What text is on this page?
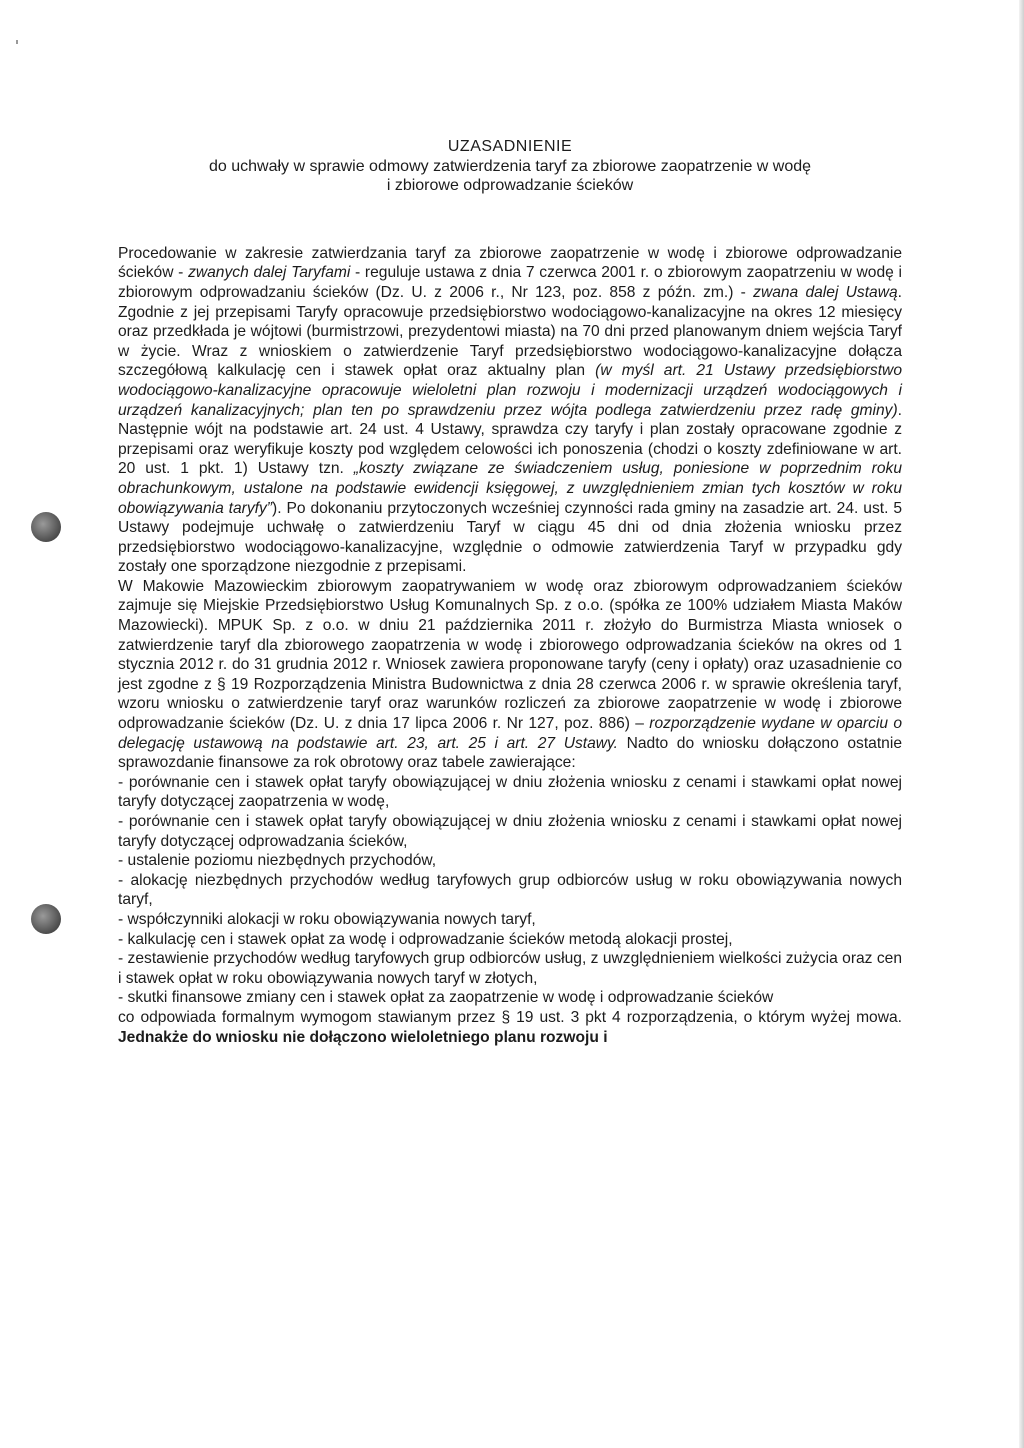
UZASADNIENIE
do uchwały w sprawie odmowy zatwierdzenia taryf za zbiorowe zaopatrzenie w wodę
i zbiorowe odprowadzanie ścieków

Procedowanie w zakresie zatwierdzania taryf za zbiorowe zaopatrzenie w wodę i zbiorowe odprowadzanie ścieków - zwanych dalej Taryfami - reguluje ustawa z dnia 7 czerwca 2001 r. o zbiorowym zaopatrzeniu w wodę i zbiorowym odprowadzaniu ścieków (Dz. U. z 2006 r., Nr 123, poz. 858 z późn. zm.) - zwana dalej Ustawą. Zgodnie z jej przepisami Taryfy opracowuje przedsiębiorstwo wodociągowo-kanalizacyjne na okres 12 miesięcy oraz przedkłada je wójtowi (burmistrzowi, prezydentowi miasta) na 70 dni przed planowanym dniem wejścia Taryf w życie. Wraz z wnioskiem o zatwierdzenie Taryf przedsiębiorstwo wodociągowo-kanalizacyjne dołącza szczegółową kalkulację cen i stawek opłat oraz aktualny plan (w myśl art. 21 Ustawy przedsiębiorstwo wodociągowo-kanalizacyjne opracowuje wieloletni plan rozwoju i modernizacji urządzeń wodociągowych i urządzeń kanalizacyjnych; plan ten po sprawdzeniu przez wójta podlega zatwierdzeniu przez radę gminy). Następnie wójt na podstawie art. 24 ust. 4 Ustawy, sprawdza czy taryfy i plan zostały opracowane zgodnie z przepisami oraz weryfikuje koszty pod względem celowości ich ponoszenia (chodzi o koszty zdefiniowane w art. 20 ust. 1 pkt. 1) Ustawy tzn. „koszty związane ze świadczeniem usług, poniesione w poprzednim roku obrachunkowym, ustalone na podstawie ewidencji księgowej, z uwzględnieniem zmian tych kosztów w roku obowiązywania taryfy”). Po dokonaniu przytoczonych wcześniej czynności rada gminy na zasadzie art. 24. ust. 5 Ustawy podejmuje uchwałę o zatwierdzeniu Taryf w ciągu 45 dni od dnia złożenia wniosku przez przedsiębiorstwo wodociągowo-kanalizacyjne, względnie o odmowie zatwierdzenia Taryf w przypadku gdy zostały one sporządzone niezgodnie z przepisami.

W Makowie Mazowieckim zbiorowym zaopatrywaniem w wodę oraz zbiorowym odprowadzaniem ścieków zajmuje się Miejskie Przedsiębiorstwo Usług Komunalnych Sp. z o.o. (spółka ze 100% udziałem Miasta Maków Mazowiecki). MPUK Sp. z o.o. w dniu 21 października 2011 r. złożyło do Burmistrza Miasta wniosek o zatwierdzenie taryf dla zbiorowego zaopatrzenia w wodę i zbiorowego odprowadzania ścieków na okres od 1 stycznia 2012 r. do 31 grudnia 2012 r. Wniosek zawiera proponowane taryfy (ceny i opłaty) oraz uzasadnienie co jest zgodne z § 19 Rozporządzenia Ministra Budownictwa z dnia 28 czerwca 2006 r. w sprawie określenia taryf, wzoru wniosku o zatwierdzenie taryf oraz warunków rozliczeń za zbiorowe zaopatrzenie w wodę i zbiorowe odprowadzanie ścieków (Dz. U. z dnia 17 lipca 2006 r. Nr 127, poz. 886) – rozporządzenie wydane w oparciu o delegację ustawową na podstawie art. 23, art. 25 i art. 27 Ustawy. Nadto do wniosku dołączono ostatnie sprawozdanie finansowe za rok obrotowy oraz tabele zawierające:

- porównanie cen i stawek opłat taryfy obowiązującej w dniu złożenia wniosku z cenami i stawkami opłat nowej taryfy dotyczącej zaopatrzenia w wodę,
- porównanie cen i stawek opłat taryfy obowiązującej w dniu złożenia wniosku z cenami i stawkami opłat nowej taryfy dotyczącej odprowadzania ścieków,
- ustalenie poziomu niezbędnych przychodów,
- alokację niezbędnych przychodów według taryfowych grup odbiorców usług w roku obowiązywania nowych taryf,
- współczynniki alokacji w roku obowiązywania nowych taryf,
- kalkulację cen i stawek opłat za wodę i odprowadzanie ścieków metodą alokacji prostej,
- zestawienie przychodów według taryfowych grup odbiorców usług, z uwzględnieniem wielkości zużycia oraz cen i stawek opłat w roku obowiązywania nowych taryf w złotych,
- skutki finansowe zmiany cen i stawek opłat za zaopatrzenie w wodę i odprowadzanie ścieków

co odpowiada formalnym wymogom stawianym przez § 19 ust. 3 pkt 4 rozporządzenia, o którym wyżej mowa. Jednakże do wniosku nie dołączono wieloletniego planu rozwoju i
